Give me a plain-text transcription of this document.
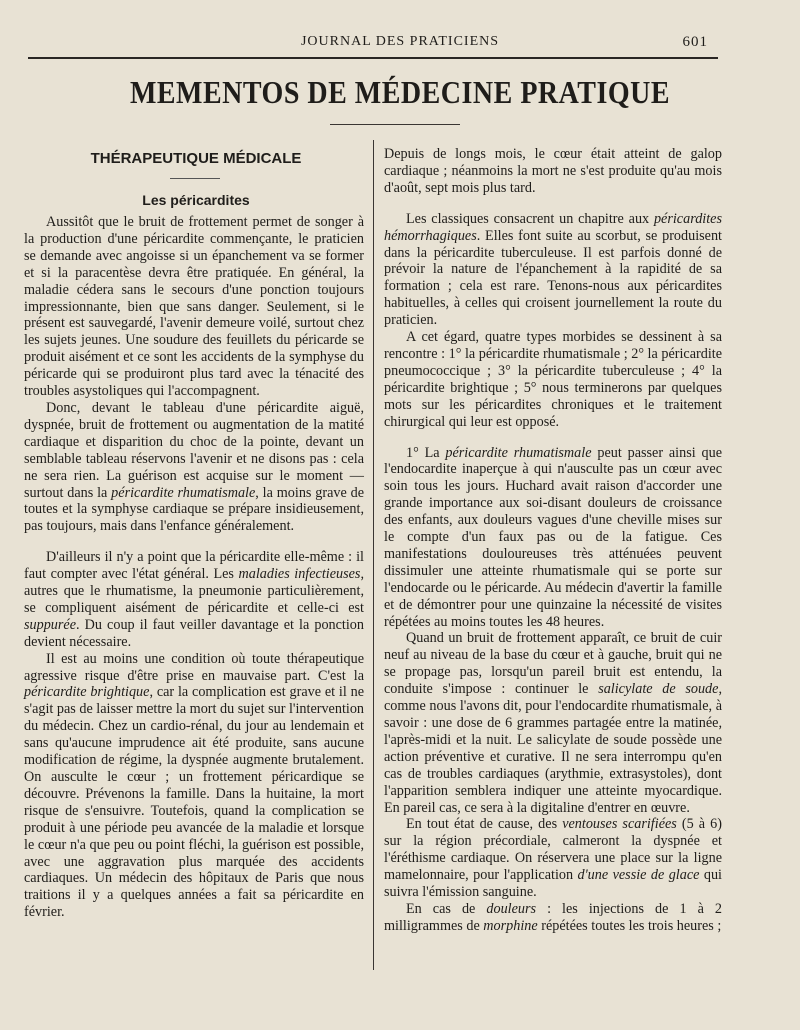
JOURNAL DES PRATICIENS	601
MEMENTOS DE MÉDECINE PRATIQUE
THÉRAPEUTIQUE MÉDICALE
Les péricardites

Aussitôt que le bruit de frottement permet de songer à la production d'une péricardite commençante, le praticien se demande avec angoisse si un épanchement va se former et si la paracentèse devra être pratiquée. En général, la maladie cédera sans le secours d'une ponction toujours impressionnante, bien que sans danger. Seulement, si le présent est sauvegardé, l'avenir demeure voilé, surtout chez les sujets jeunes. Une soudure des feuillets du péricarde se produit aisément et ce sont les accidents de la symphyse du péricarde qui se produiront plus tard avec la ténacité des troubles asystoliques qui l'accompagnent.

Donc, devant le tableau d'une péricardite aiguë, dyspnée, bruit de frottement ou augmentation de la matité cardiaque et disparition du choc de la pointe, devant un semblable tableau réservons l'avenir et ne disons pas : cela ne sera rien. La guérison est acquise sur le moment — surtout dans la péricardite rhumatismale, la moins grave de toutes et la symphyse cardiaque se prépare insidieusement, pas toujours, mais dans l'enfance généralement.

D'ailleurs il n'y a point que la péricardite elle-même : il faut compter avec l'état général. Les maladies infectieuses, autres que le rhumatisme, la pneumonie particulièrement, se compliquent aisément de péricardite et celle-ci est suppurée. Du coup il faut veiller davantage et la ponction devient nécessaire.

Il est au moins une condition où toute thérapeutique agressive risque d'être prise en mauvaise part. C'est la péricardite brightique, car la complication est grave et il ne s'agit pas de laisser mettre la mort du sujet sur l'intervention du médecin. Chez un cardio-rénal, du jour au lendemain et sans qu'aucune imprudence ait été produite, sans aucune modification de régime, la dyspnée augmente brutalement. On ausculte le cœur ; un frottement péricardique se découvre. Prévenons la famille. Dans la huitaine, la mort risque de s'ensuivre. Toutefois, quand la complication se produit à une période peu avancée de la maladie et lorsque le cœur n'a que peu ou point fléchi, la guérison est possible, avec une aggravation plus marquée des accidents cardiaques. Un médecin des hôpitaux de Paris que nous traitions il y a quelques années a fait sa péricardite en février.

Depuis de longs mois, le cœur était atteint de galop cardiaque ; néanmoins la mort ne s'est produite qu'au mois d'août, sept mois plus tard.

Les classiques consacrent un chapitre aux péricardites hémorrhagiques. Elles font suite au scorbut, se produisent dans la péricardite tuberculeuse. Il est parfois donné de prévoir la nature de l'épanchement à la rapidité de sa formation ; cela est rare. Tenons-nous aux péricardites habituelles, à celles qui croisent journellement la route du praticien.

A cet égard, quatre types morbides se dessinent à sa rencontre : 1° la péricardite rhumatismale ; 2° la péricardite pneumococcique ; 3° la péricardite tuberculeuse ; 4° la péricardite brightique ; 5° nous terminerons par quelques mots sur les péricardites chroniques et le traitement chirurgical qui leur est opposé.

1° La péricardite rhumatismale peut passer ainsi que l'endocardite inaperçue à qui n'ausculte pas un cœur avec soin tous les jours. Huchard avait raison d'accorder une grande importance aux soi-disant douleurs de croissance des enfants, aux douleurs vagues d'une cheville mises sur le compte d'un faux pas ou de la fatigue. Ces manifestations douloureuses très atténuées peuvent dissimuler une atteinte rhumatismale qui se porte sur l'endocarde ou le péricarde. Au médecin d'avertir la famille et de démontrer pour une quinzaine la nécessité de visites répétées au moins toutes les 48 heures.

Quand un bruit de frottement apparaît, ce bruit de cuir neuf au niveau de la base du cœur et à gauche, bruit qui ne se propage pas, lorsqu'un pareil bruit est entendu, la conduite s'impose : continuer le salicylate de soude, comme nous l'avons dit, pour l'endocardite rhumatismale, à savoir : une dose de 6 grammes partagée entre la matinée, l'après-midi et la nuit. Le salicylate de soude possède une action préventive et curative. Il ne sera interrompu qu'en cas de troubles cardiaques (arythmie, extrasystoles), dont l'apparition semblera indiquer une atteinte myocardique. En pareil cas, ce sera à la digitaline d'entrer en œuvre.

En tout état de cause, des ventouses scarifiées (5 à 6) sur la région précordiale, calmeront la dyspnée et l'éréthisme cardiaque. On réservera une place sur la ligne mamelonnaire, pour l'application d'une vessie de glace qui suivra l'émission sanguine.

En cas de douleurs : les injections de 1 à 2 milligrammes de morphine répétées toutes les trois heures ;
